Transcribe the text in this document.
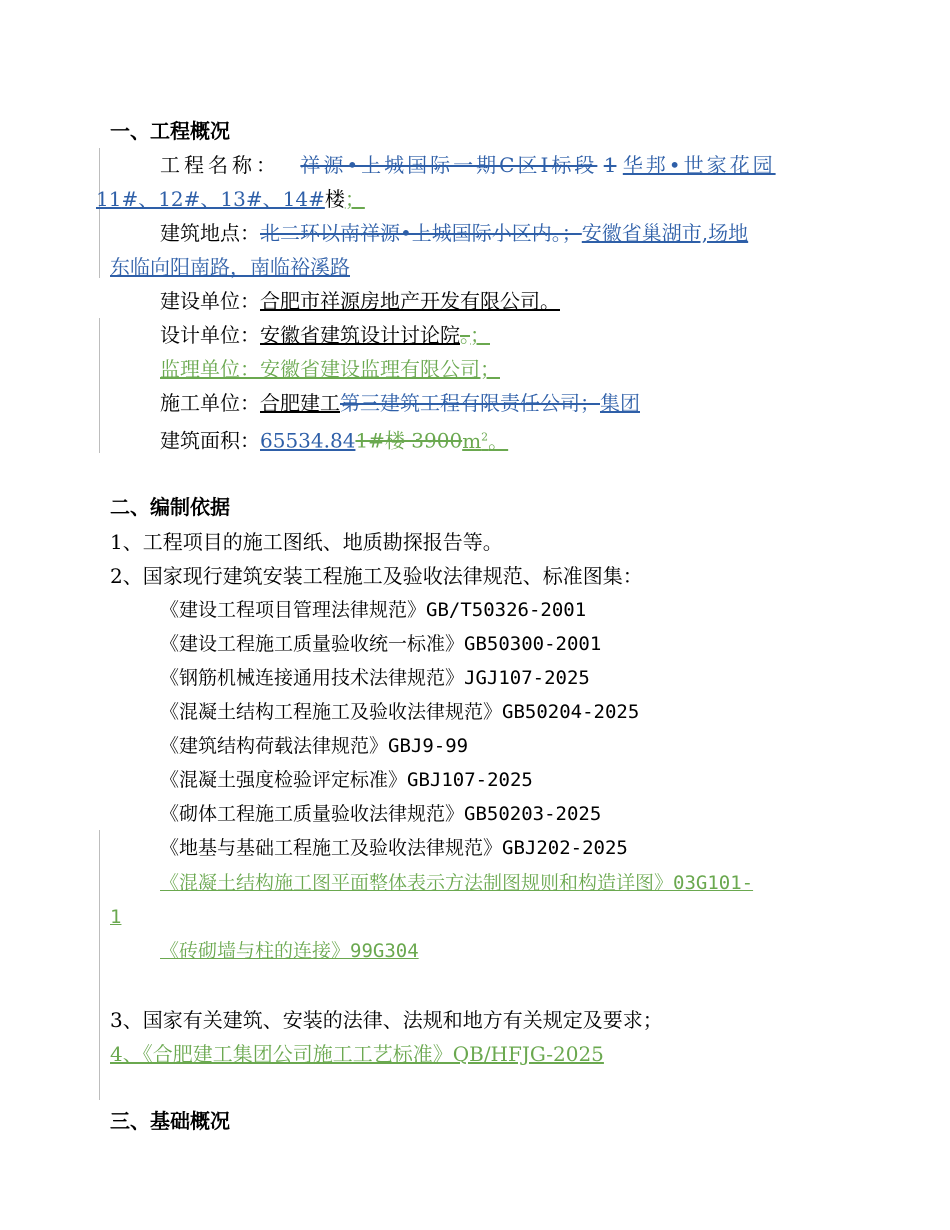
一、工程概况
工程名称： 祥源•上城国际一期C区Ⅰ标段 1 华邦•世家花园
11#、12#、13#、14#楼；
建筑地点：北二环以南祥源•上城国际小区内。；安徽省巢湖市,场地
东临向阳南路，南临裕溪路
建设单位：合肥市祥源房地产开发有限公司。
设计单位：安徽省建筑设计讨论院。；
监理单位：安徽省建设监理有限公司；
施工单位：合肥建工第三建筑工程有限责任公司；集团
建筑面积：65534.841#楼 $3900m^2$。
二、编制依据
1、工程项目的施工图纸、地质勘探报告等。
2、国家现行建筑安装工程施工及验收法律规范、标准图集：
《建设工程项目管理法律规范》GB/T50326-2001
《建设工程施工质量验收统一标准》GB50300-2001
《钢筋机械连接通用技术法律规范》JGJ107-2025
《混凝土结构工程施工及验收法律规范》GB50204-2025
《建筑结构荷载法律规范》GBJ9-99
《混凝土强度检验评定标准》GBJ107-2025
《砌体工程施工质量验收法律规范》GB50203-2025
《地基与基础工程施工及验收法律规范》GBJ202-2025
《混凝土结构施工图平面整体表示方法制图规则和构造详图》03G101-
1
《砖砌墙与柱的连接》99G304
3、国家有关建筑、安装的法律、法规和地方有关规定及要求；
4、《合肥建工集团公司施工工艺标准》QB/HFJG-2025
三、基础概况
